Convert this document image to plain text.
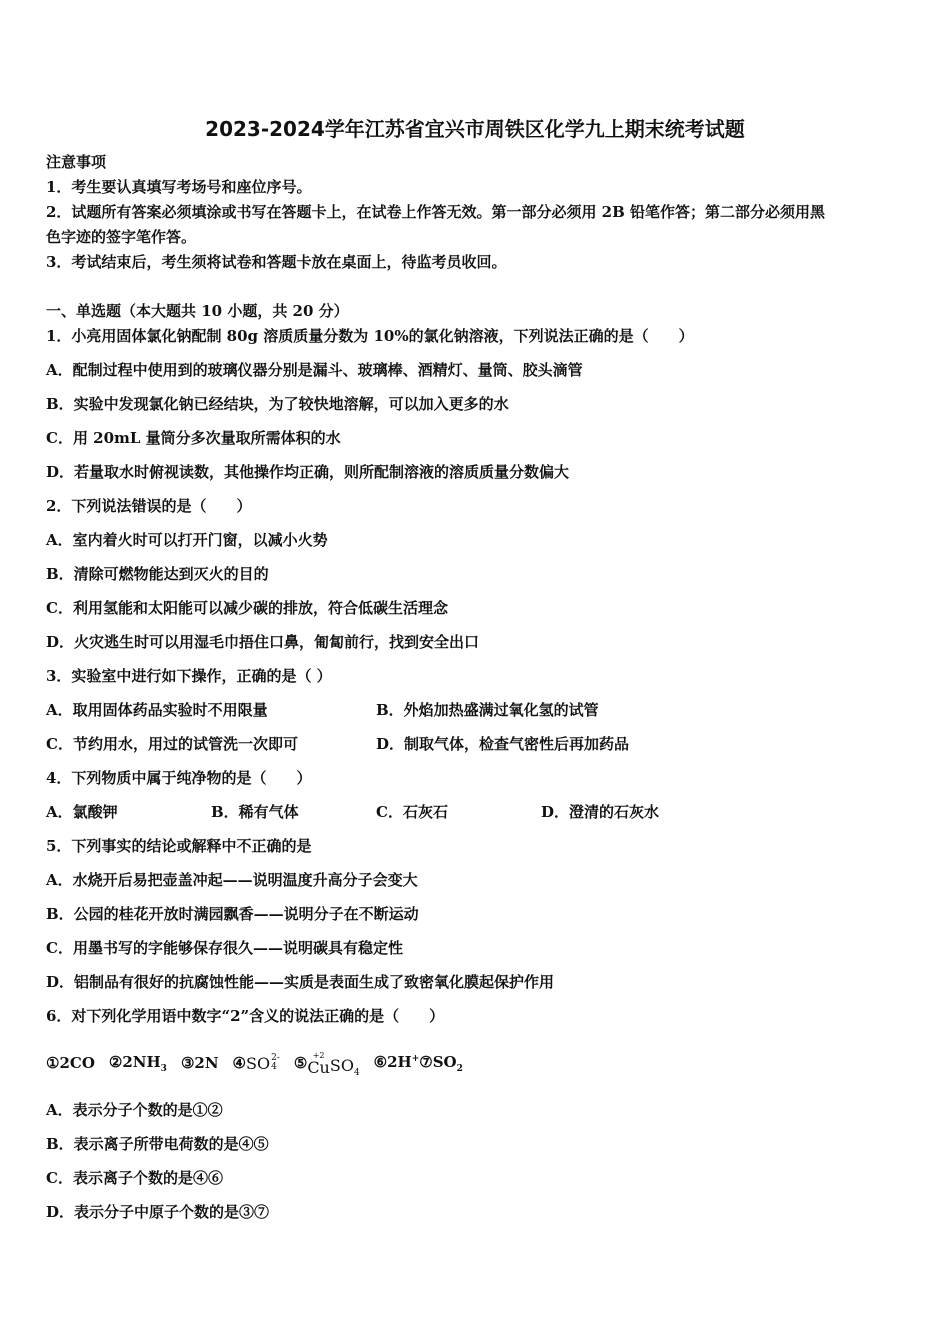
2023-2024学年江苏省宜兴市周铁区化学九上期末统考试题
注意事项
1．考生要认真填写考场号和座位序号。
2．试题所有答案必须填涂或书写在答题卡上，在试卷上作答无效。第一部分必须用 2B 铅笔作答；第二部分必须用黑
色字迹的签字笔作答。
3．考试结束后，考生须将试卷和答题卡放在桌面上，待监考员收回。
一、单选题（本大题共 10 小题，共 20 分）
1．小亮用固体氯化钠配制 80g 溶质质量分数为 10%的氯化钠溶液，下列说法正确的是（　　）
A．配制过程中使用到的玻璃仪器分别是漏斗、玻璃棒、酒精灯、量筒、胶头滴管
B．实验中发现氯化钠已经结块，为了较快地溶解，可以加入更多的水
C．用 20mL 量筒分多次量取所需体积的水
D．若量取水时俯视读数，其他操作均正确，则所配制溶液的溶质质量分数偏大
2．下列说法错误的是（　　）
A．室内着火时可以打开门窗，以减小火势
B．清除可燃物能达到灭火的目的
C．利用氢能和太阳能可以减少碳的排放，符合低碳生活理念
D．火灾逃生时可以用湿毛巾捂住口鼻，匍匐前行，找到安全出口
3．实验室中进行如下操作，正确的是（ ）
A．取用固体药品实验时不用限量	B．外焰加热盛满过氧化氢的试管
C．节约用水，用过的试管洗一次即可	D．制取气体，检查气密性后再加药品
4．下列物质中属于纯净物的是（　　）
A．氯酸钾	B．稀有气体	C．石灰石	D．澄清的石灰水
5．下列事实的结论或解释中不正确的是
A．水烧开后易把壶盖冲起——说明温度升高分子会变大
B．公园的桂花开放时满园飘香——说明分子在不断运动
C．用墨书写的字能够保存很久——说明碳具有稳定性
D．铝制品有很好的抗腐蚀性能——实质是表面生成了致密氧化膜起保护作用
6．对下列化学用语中数字“2”含义的说法正确的是（　　）
①2CO $②2NH_3$ ③2N ④ SO 2-
4 ⑤ +2
Cu $SO_4$
$⑥2H^+⑦SO_2$
A．表示分子个数的是①②
B．表示离子所带电荷数的是④⑤
C．表示离子个数的是④⑥
D．表示分子中原子个数的是③⑦
